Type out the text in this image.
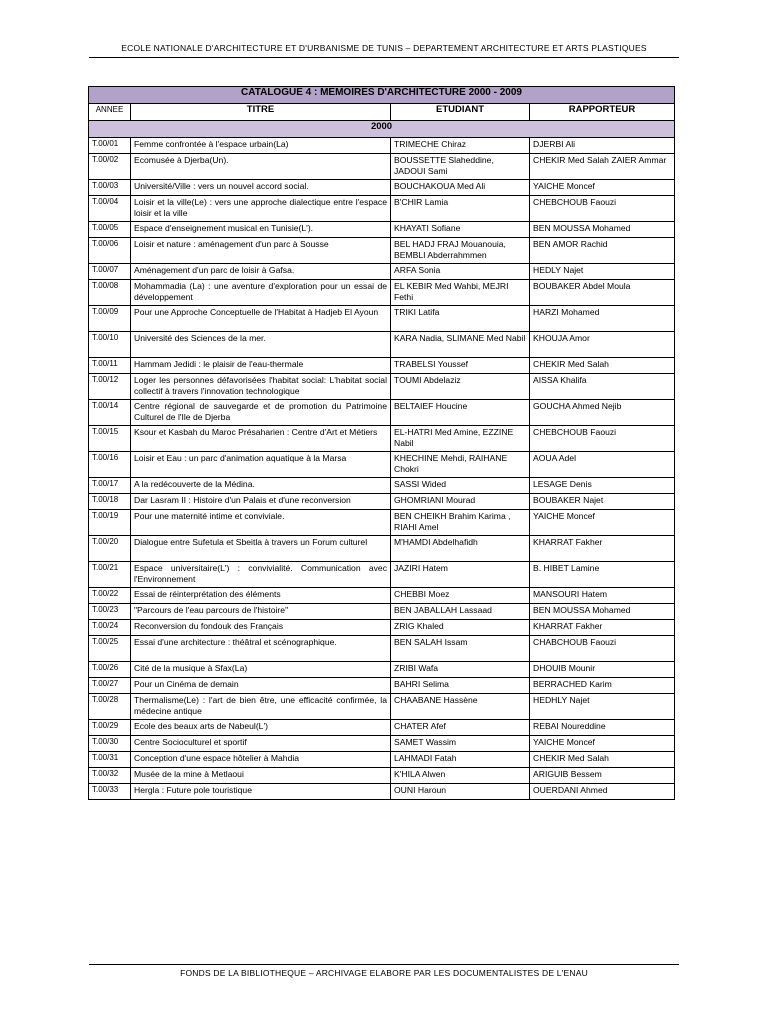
ECOLE NATIONALE D'ARCHITECTURE ET D'URBANISME DE TUNIS – DEPARTEMENT ARCHITECTURE ET ARTS PLASTIQUES
CATALOGUE 4 : MEMOIRES D'ARCHITECTURE 2000 - 2009			
ANNEE	TITRE	ETUDIANT	RAPPORTEUR
2000			
T.00/01	Femme confrontée à l'espace urbain(La)	TRIMECHE Chiraz	DJERBI Ali
T.00/02	Ecomusée à Djerba(Un).	BOUSSETTE Slaheddine, JADOUI Sami	CHEKIR Med Salah ZAIER Ammar
T.00/03	Université/Ville : vers un nouvel accord social.	BOUCHAKOUA Med Ali	YAICHE Moncef
T.00/04	Loisir et la ville(Le) : vers une approche dialectique entre l'espace loisir et la ville	B'CHIR Lamia	CHEBCHOUB Faouzi
T.00/05	Espace d'enseignement musical en Tunisie(L').	KHAYATI Sofiane	BEN MOUSSA Mohamed
T.00/06	Loisir et nature : aménagement d'un parc à Sousse	BEL HADJ FRAJ Mouanouia, BEMBLI Abderrahmmen	BEN AMOR Rachid
T.00/07	Aménagement d'un parc de loisir à Gafsa.	ARFA Sonia	HEDLY Najet
T.00/08	Mohammadia (La) : une aventure d'exploration pour un essai de développement	EL KEBIR Med Wahbi, MEJRI Fethi	BOUBAKER Abdel Moula
T.00/09	Pour une Approche Conceptuelle de l'Habitat à Hadjeb El Ayoun	TRIKI Latifa	HARZI Mohamed
T.00/10	Université des Sciences de la mer.	KARA Nadia, SLIMANE Med Nabil	KHOUJA Amor
T.00/11	Hammam Jedidi : le plaisir de l'eau-thermale	TRABELSI Youssef	CHEKIR Med Salah
T.00/12	Loger les personnes défavorisées l'habitat social: L'habitat social collectif à travers l'innovation technologique	TOUMI Abdelaziz	AISSA Khalifa
T.00/14	Centre régional de sauvegarde et de promotion du Patrimoine Culturel de l'Ile de Djerba	BELTAIEF Houcine	GOUCHA Ahmed Nejib
T.00/15	Ksour et Kasbah du Maroc Présaharien : Centre d'Art et Métiers	EL-HATRI Med Amine, EZZINE Nabil	CHEBCHOUB Faouzi
T.00/16	Loisir et Eau : un parc d'animation aquatique à la Marsa	KHECHINE Mehdi, RAIHANE Chokri	AOUA Adel
T.00/17	A la redécouverte de la Médina.	SASSI Wided	LESAGE Denis
T.00/18	Dar Lasram II : Histoire d'un Palais et d'une reconversion	GHOMRIANI Mourad	BOUBAKER Najet
T.00/19	Pour une maternité intime et conviviale.	BEN CHEIKH Brahim Karima , RIAHI Amel	YAICHE Moncef
T.00/20	Dialogue entre Sufetula et Sbeitla à travers un Forum culturel	M'HAMDI Abdelhafidh	KHARRAT Fakher
T.00/21	Espace universitaire(L') : convivialité. Communication avec l'Environnement	JAZIRI Hatem	B. HIBET Lamine
T.00/22	Essai de réinterprétation des éléments	CHEBBI Moez	MANSOURI Hatem
T.00/23	"Parcours de l'eau parcours de l'histoire"	BEN JABALLAH Lassaad	BEN MOUSSA Mohamed
T.00/24	Reconversion du fondouk des Français	ZRIG Khaled	KHARRAT Fakher
T.00/25	Essai d'une architecture : théâtral et scénographique.	BEN SALAH Issam	CHABCHOUB Faouzi
T.00/26	Cité de la musique à Sfax(La)	ZRIBI Wafa	DHOUIB Mounir
T.00/27	Pour un Cinéma de demain	BAHRI Selima	BERRACHED Karim
T.00/28	Thermalisme(Le) : l'art de bien être, une efficacité confirmée, la médecine antique	CHAABANE Hassène	HEDHLY Najet
T.00/29	Ecole des beaux arts de Nabeul(L')	CHATER Afef	REBAI Noureddine
T.00/30	Centre Socioculturel et sportif	SAMET Wassim	YAICHE Moncef
T.00/31	Conception d'une espace hôtelier à Mahdia	LAHMADI Fatah	CHEKIR Med Salah
T.00/32	Musée de la mine à Metlaoui	K'HILA Alwen	ARIGUIB Bessem
T.00/33	Hergla : Future pole touristique	OUNI Haroun	OUERDANI Ahmed
FONDS DE LA BIBLIOTHEQUE – ARCHIVAGE ELABORE PAR LES DOCUMENTALISTES DE L'ENAU
